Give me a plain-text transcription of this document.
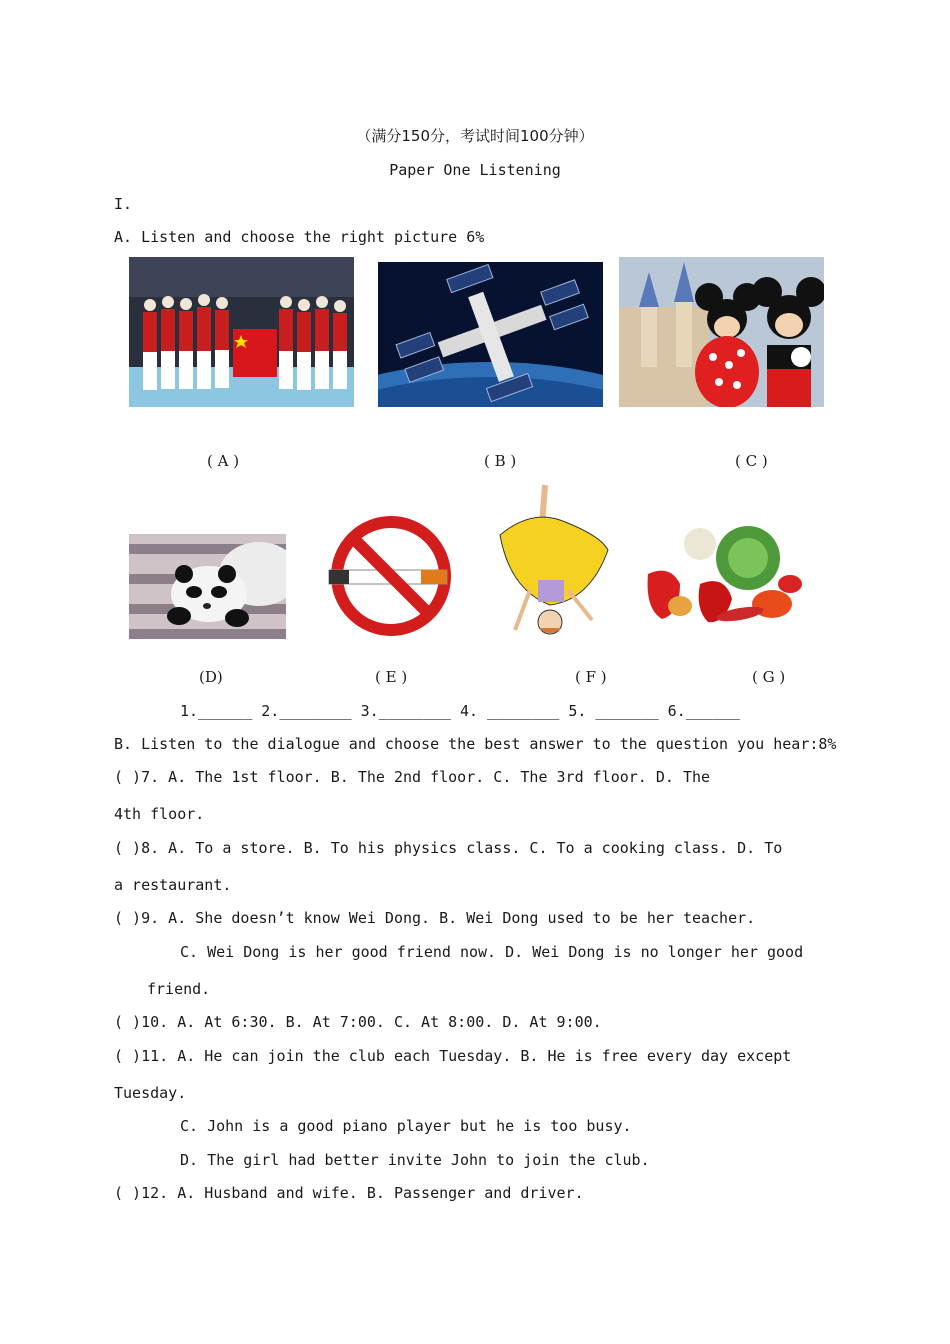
（满分150分，考试时间100分钟）
Paper One Listening
I.
A. Listen and choose the right picture 6%
( A )	( B )	( C )
(D)	( E )	( F )	( G )
1.______ 2.________ 3.________ 4. ________ 5. _______ 6.______
B. Listen to the dialogue and choose the best answer to the question you hear:8%
( )7. A. The 1st floor. B. The 2nd floor. C. The 3rd floor. D. The
4th floor.
( )8. A. To a store. B. To his physics class. C. To a cooking class. D. To
a restaurant.
( )9. A. She doesn’t know Wei Dong. B. Wei Dong used to be her teacher.
C. Wei Dong is her good friend now. D. Wei Dong is no longer her good
friend.
( )10. A. At 6:30. B. At 7:00. C. At 8:00. D. At 9:00.
( )11. A. He can join the club each Tuesday. B. He is free every day except
Tuesday.
C. John is a good piano player but he is too busy.
D. The girl had better invite John to join the club.
( )12. A. Husband and wife. B. Passenger and driver.
